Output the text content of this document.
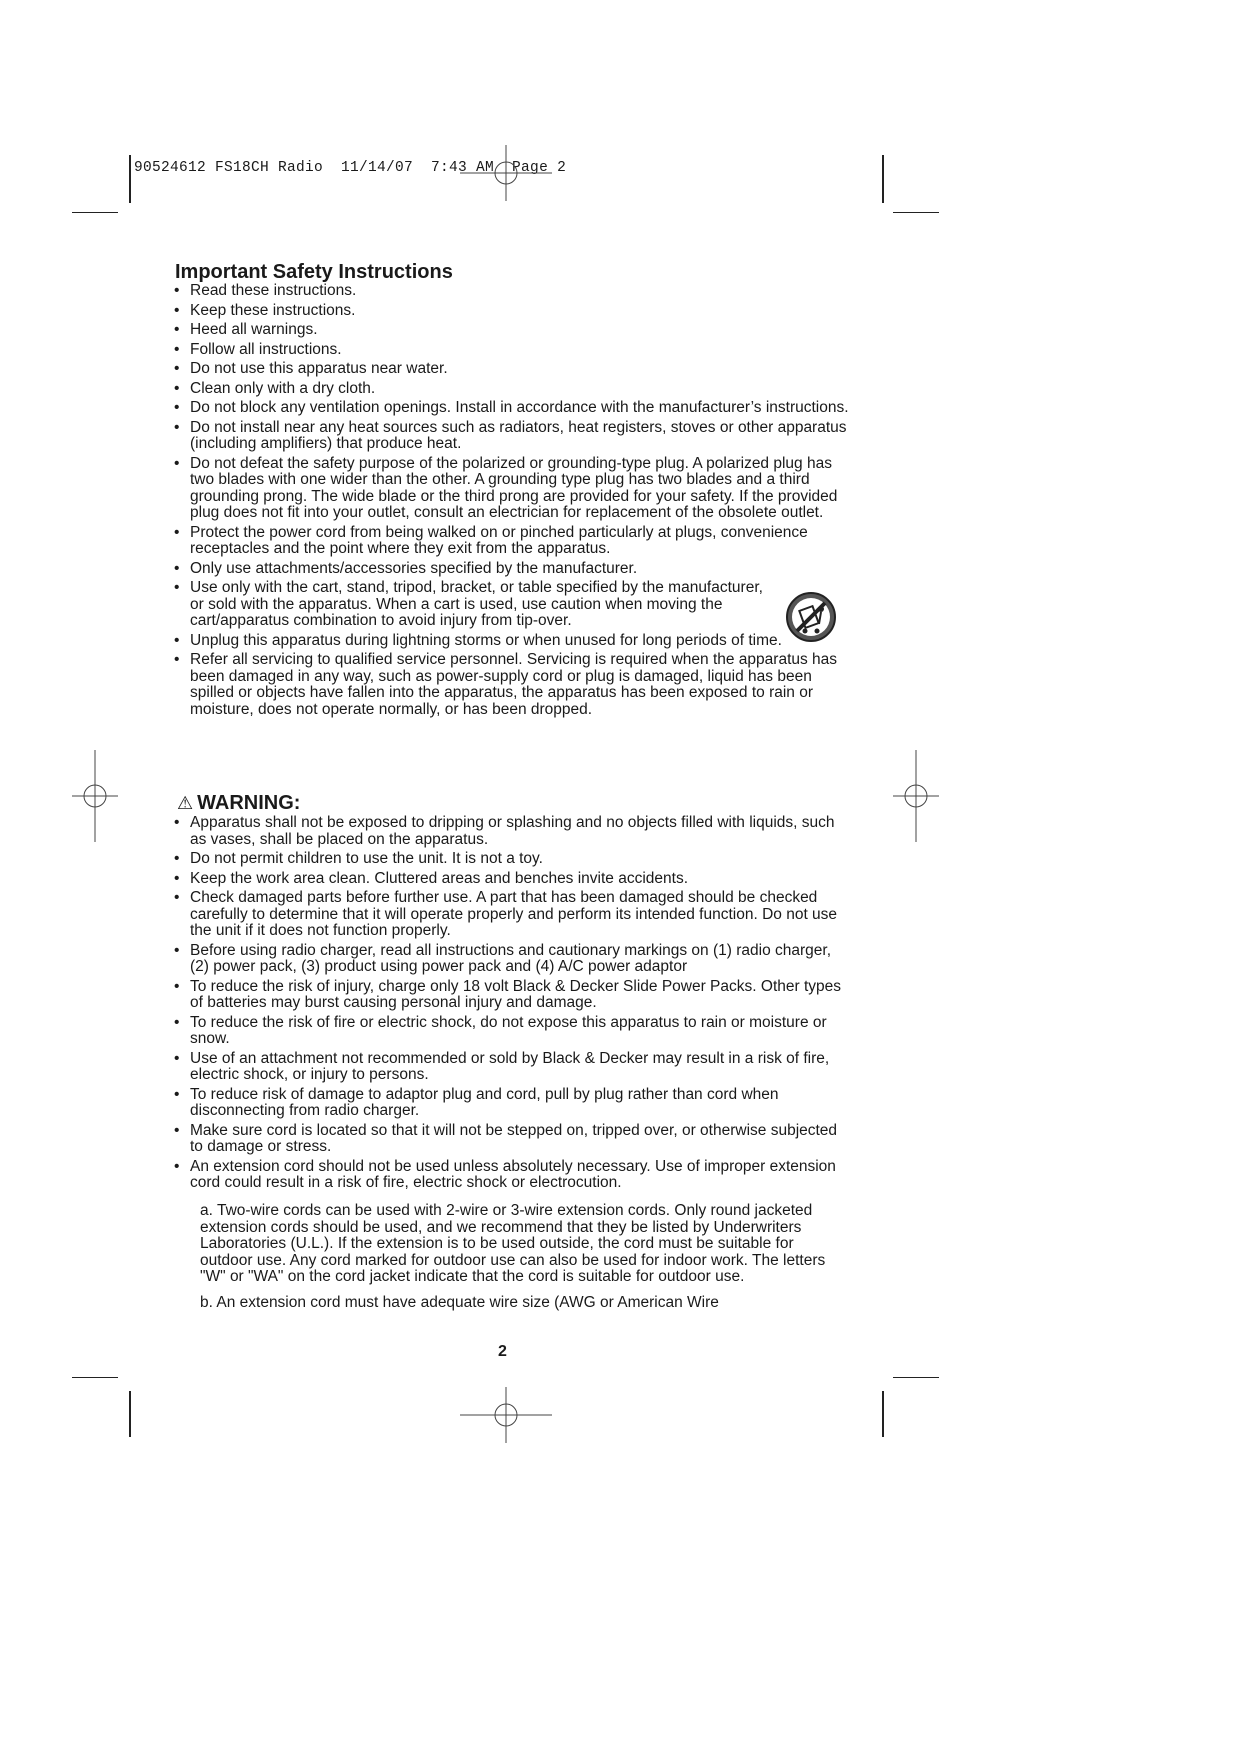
90524612 FS18CH Radio  11/14/07  7:43 AM  Page 2
Important Safety Instructions
• Read these instructions.
• Keep these instructions.
• Heed all warnings.
• Follow all instructions.
• Do not use this apparatus near water.
• Clean only with a dry cloth.
• Do not block any ventilation openings. Install in accordance with the manufacturer’s instructions.
• Do not install near any heat sources such as radiators, heat registers, stoves or other apparatus (including amplifiers) that produce heat.
• Do not defeat the safety purpose of the polarized or grounding-type plug. A polarized plug has two blades with one wider than the other. A grounding type plug has two blades and a third grounding prong. The wide blade or the third prong are provided for your safety. If the provided plug does not fit into your outlet, consult an electrician for replacement of the obsolete outlet.
• Protect the power cord from being walked on or pinched particularly at plugs, convenience receptacles and the point where they exit from the apparatus.
• Only use attachments/accessories specified by the manufacturer.
• Use only with the cart, stand, tripod, bracket, or table specified by the manufacturer, or sold with the apparatus. When a cart is used, use caution when moving the cart/apparatus combination to avoid injury from tip-over.
• Unplug this apparatus during lightning storms or when unused for long periods of time.
• Refer all servicing to qualified service personnel. Servicing is required when the apparatus has been damaged in any way, such as power-supply cord or plug is damaged, liquid has been spilled or objects have fallen into the apparatus, the apparatus has been exposed to rain or moisture, does not operate normally, or has been dropped.
⚠ WARNING:
• Apparatus shall not be exposed to dripping or splashing and no objects filled with liquids, such as vases, shall be placed on the apparatus.
• Do not permit children to use the unit. It is not a toy.
• Keep the work area clean. Cluttered areas and benches invite accidents.
• Check damaged parts before further use. A part that has been damaged should be checked carefully to determine that it will operate properly and perform its intended function. Do not use the unit if it does not function properly.
• Before using radio charger, read all instructions and cautionary markings on (1) radio charger, (2) power pack, (3) product using power pack and (4) A/C power adaptor
• To reduce the risk of injury, charge only 18 volt Black & Decker Slide Power Packs. Other types of batteries may burst causing personal injury and damage.
• To reduce the risk of fire or electric shock, do not expose this apparatus to rain or moisture or snow.
• Use of an attachment not recommended or sold by Black & Decker may result in a risk of fire, electric shock, or injury to persons.
• To reduce risk of damage to adaptor plug and cord, pull by plug rather than cord when disconnecting from radio charger.
• Make sure cord is located so that it will not be stepped on, tripped over, or otherwise subjected to damage or stress.
• An extension cord should not be used unless absolutely necessary. Use of improper extension cord could result in a risk of fire, electric shock or electrocution.
a. Two-wire cords can be used with 2-wire or 3-wire extension cords. Only round jacketed extension cords should be used, and we recommend that they be listed by Underwriters Laboratories (U.L.). If the extension is to be used outside, the cord must be suitable for outdoor use. Any cord marked for outdoor use can also be used for indoor work. The letters "W" or "WA" on the cord jacket indicate that the cord is suitable for outdoor use.
b. An extension cord must have adequate wire size (AWG or American Wire
2
